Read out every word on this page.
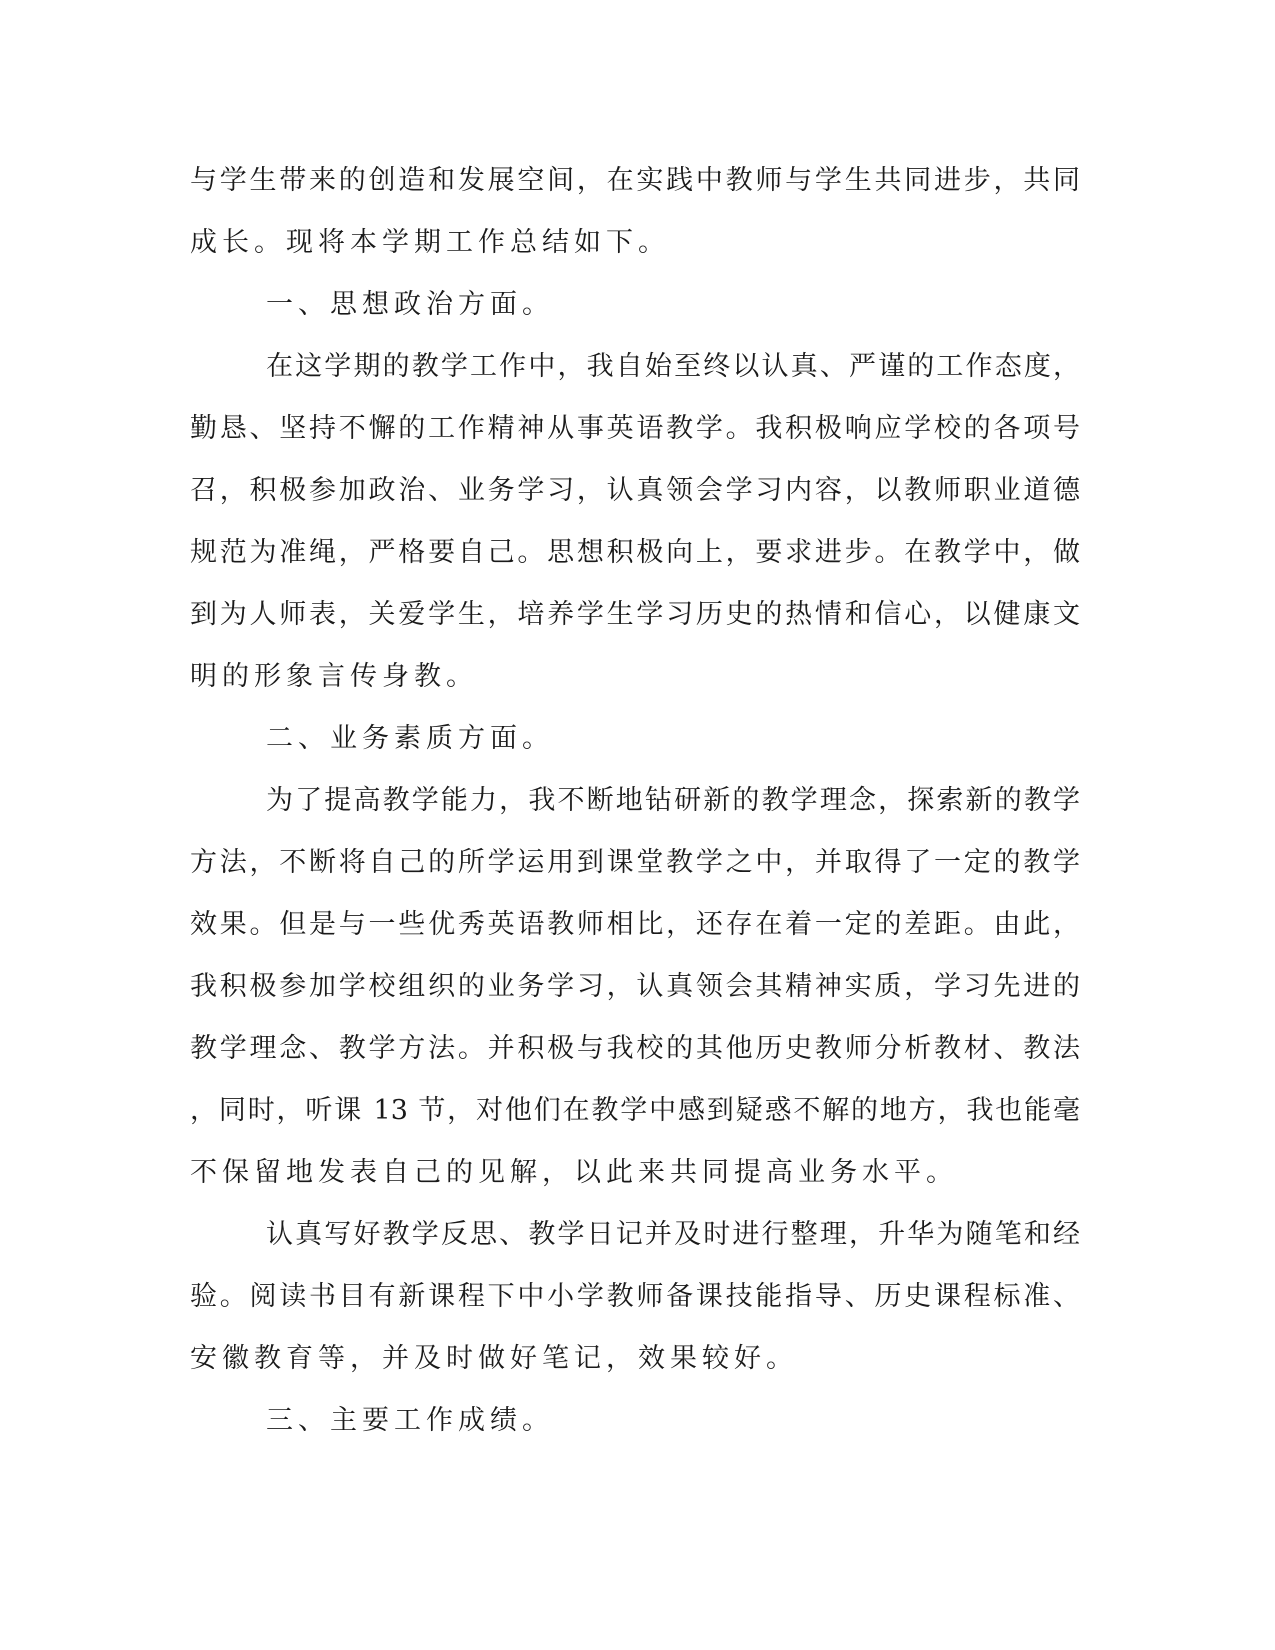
与学生带来的创造和发展空间，在实践中教师与学生共同进步，共同
成长。现将本学期工作总结如下。
一、思想政治方面。
在这学期的教学工作中，我自始至终以认真、严谨的工作态度，
勤恳、坚持不懈的工作精神从事英语教学。我积极响应学校的各项号
召，积极参加政治、业务学习，认真领会学习内容，以教师职业道德
规范为准绳，严格要自己。思想积极向上，要求进步。在教学中，做
到为人师表，关爱学生，培养学生学习历史的热情和信心，以健康文
明的形象言传身教。
二、业务素质方面。
为了提高教学能力，我不断地钻研新的教学理念，探索新的教学
方法，不断将自己的所学运用到课堂教学之中，并取得了一定的教学
效果。但是与一些优秀英语教师相比，还存在着一定的差距。由此，
我积极参加学校组织的业务学习，认真领会其精神实质，学习先进的
教学理念、教学方法。并积极与我校的其他历史教师分析教材、教法
，同时，听课 13 节，对他们在教学中感到疑惑不解的地方，我也能毫
不保留地发表自己的见解，以此来共同提高业务水平。
认真写好教学反思、教学日记并及时进行整理，升华为随笔和经
验。阅读书目有新课程下中小学教师备课技能指导、历史课程标准、
安徽教育等，并及时做好笔记，效果较好。
三、主要工作成绩。
